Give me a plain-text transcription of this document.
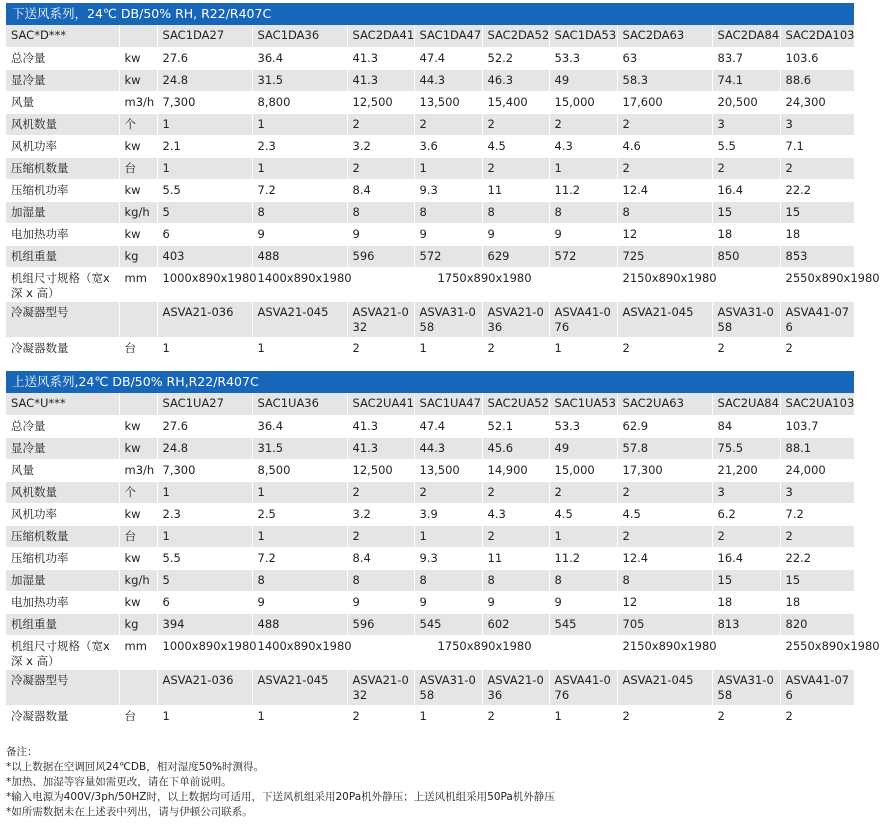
下送风系列，24℃ DB/50% RH, R22/R407C
SAC*D***		SAC1DA27	SAC1DA36	SAC2DA41	SAC1DA47	SAC2DA52	SAC1DA53	SAC2DA63	SAC2DA84	SAC2DA103
总冷量	kw	27.6	36.4	41.3	47.4	52.2	53.3	63	83.7	103.6
显冷量	kw	24.8	31.5	41.3	44.3	46.3	49	58.3	74.1	88.6
风量	m3/h	7,300	8,800	12,500	13,500	15,400	15,000	17,600	20,500	24,300
风机数量	个	1	1	2	2	2	2	2	3	3
风机功率	kw	2.1	2.3	3.2	3.6	4.5	4.3	4.6	5.5	7.1
压缩机数量	台	1	1	2	1	2	1	2	2	2
压缩机功率	kw	5.5	7.2	8.4	9.3	11	11.2	12.4	16.4	22.2
加湿量	kg/h	5	8	8	8	8	8	8	15	15
电加热功率	kw	6	9	9	9	9	9	12	18	18
机组重量	kg	403	488	596	572	629	572	725	850	853
机组尺寸规格（宽x深 x 高）	mm	1000x890x1980	1400x890x1980	1750x890x1980				2150x890x1980		2550x890x1980
冷凝器型号		ASVA21-036	ASVA21-045	ASVA21-032	ASVA31-058	ASVA21-036	ASVA41-076	ASVA21-045	ASVA31-058	ASVA41-076
冷凝器数量	台	1	1	2	1	2	1	2	2	2
上送风系列,24℃ DB/50% RH,R22/R407C
SAC*U***		SAC1UA27	SAC1UA36	SAC2UA41	SAC1UA47	SAC2UA52	SAC1UA53	SAC2UA63	SAC2UA84	SAC2UA103
总冷量	kw	27.6	36.4	41.3	47.4	52.1	53.3	62.9	84	103.7
显冷量	kw	24.8	31.5	41.3	44.3	45.6	49	57.8	75.5	88.1
风量	m3/h	7,300	8,500	12,500	13,500	14,900	15,000	17,300	21,200	24,000
风机数量	个	1	1	2	2	2	2	2	3	3
风机功率	kw	2.3	2.5	3.2	3.9	4.3	4.5	4.5	6.2	7.2
压缩机数量	台	1	1	2	1	2	1	2	2	2
压缩机功率	kw	5.5	7.2	8.4	9.3	11	11.2	12.4	16.4	22.2
加湿量	kg/h	5	8	8	8	8	8	8	15	15
电加热功率	kw	6	9	9	9	9	9	12	18	18
机组重量	kg	394	488	596	545	602	545	705	813	820
机组尺寸规格（宽x深 x 高）	mm	1000x890x1980	1400x890x1980	1750x890x1980				2150x890x1980		2550x890x1980
冷凝器型号		ASVA21-036	ASVA21-045	ASVA21-032	ASVA31-058	ASVA21-036	ASVA41-076	ASVA21-045	ASVA31-058	ASVA41-076
冷凝器数量	台	1	1	2	1	2	1	2	2	2
备注：
*以上数据在空调回风24℃DB，相对湿度50%时测得。
*加热、加湿等容量如需更改，请在下单前说明。
*输入电源为400V/3ph/50HZ时，以上数据均可适用，下送风机组采用20Pa机外静压；上送风机组采用50Pa机外静压
*如所需数据未在上述表中列出，请与伊顿公司联系。
